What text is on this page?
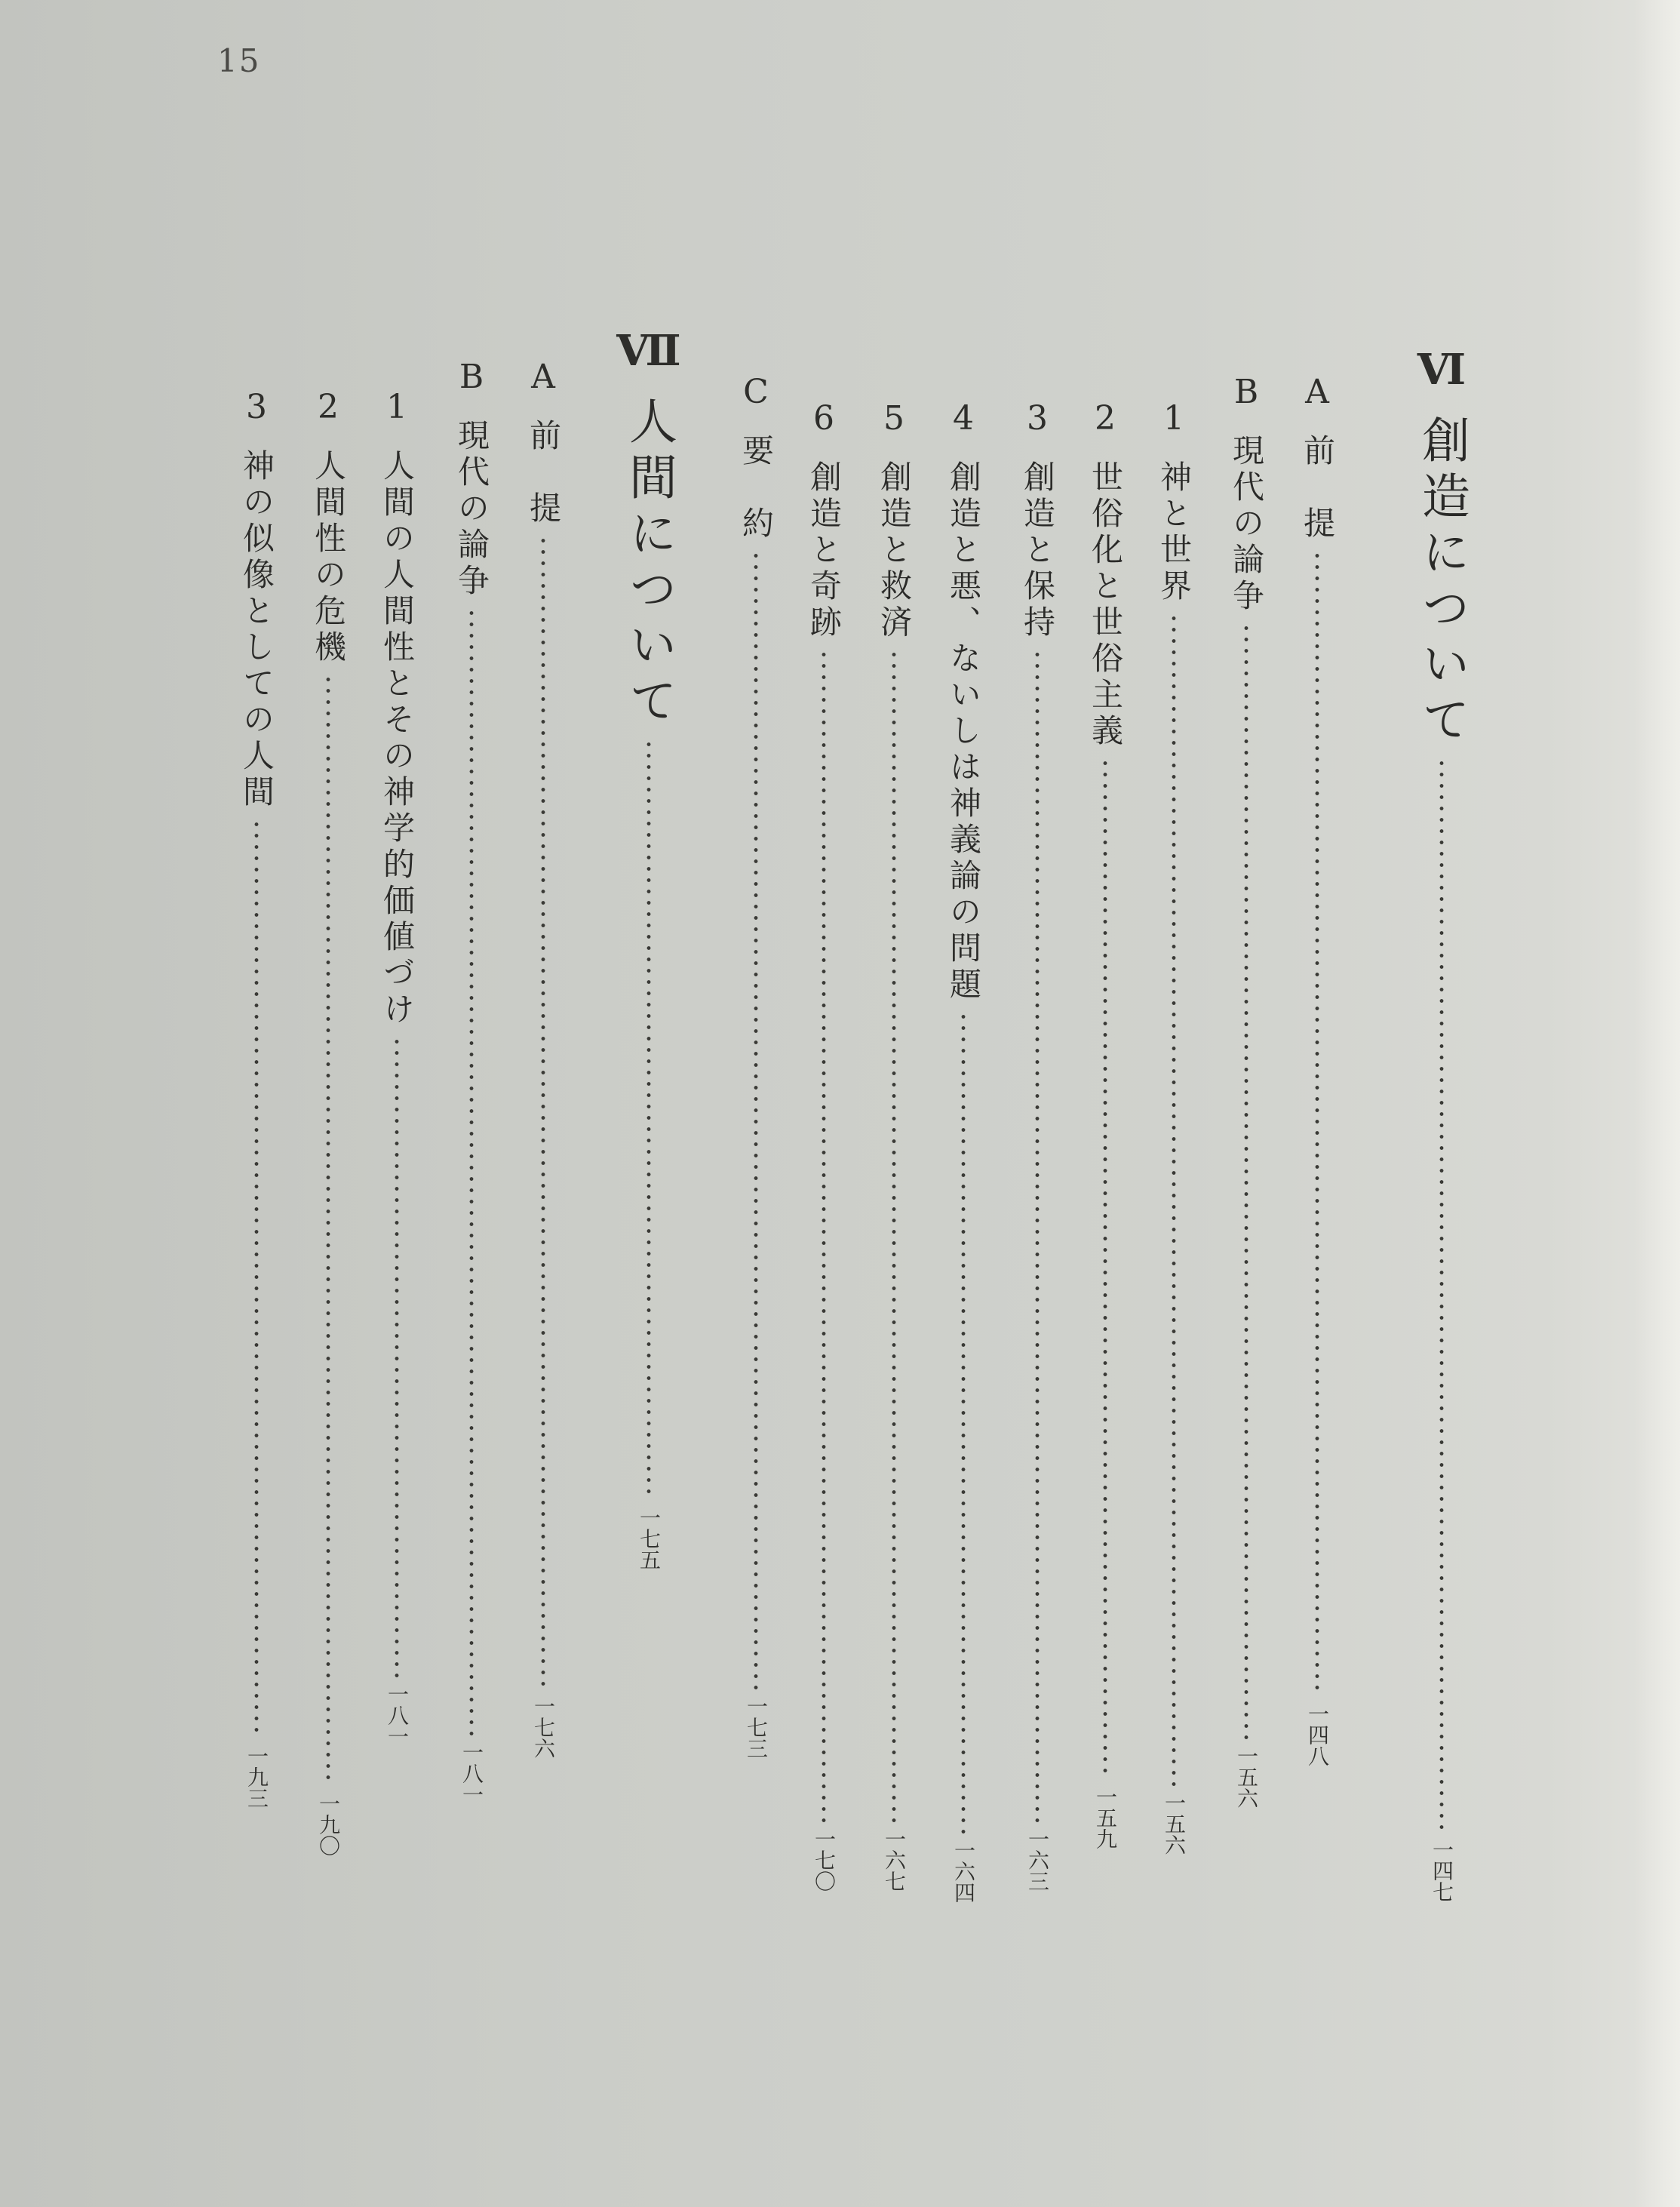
15
Ⅵ
創造について
一四七
A
前　提
一四八
B
現代の論争
一五六
1
神と世界
一五六
2
世俗化と世俗主義
一五九
3
創造と保持
一六三
4
創造と悪、ないしは神義論の問題
一六四
5
創造と救済
一六七
6
創造と奇跡
一七〇
C
要　約
一七三
Ⅶ
人間について
一七五
A
前　提
一七六
B
現代の論争
一八一
1
人間の人間性とその神学的価値づけ
一八一
2
人間性の危機
一九〇
3
神の似像としての人間
一九三
